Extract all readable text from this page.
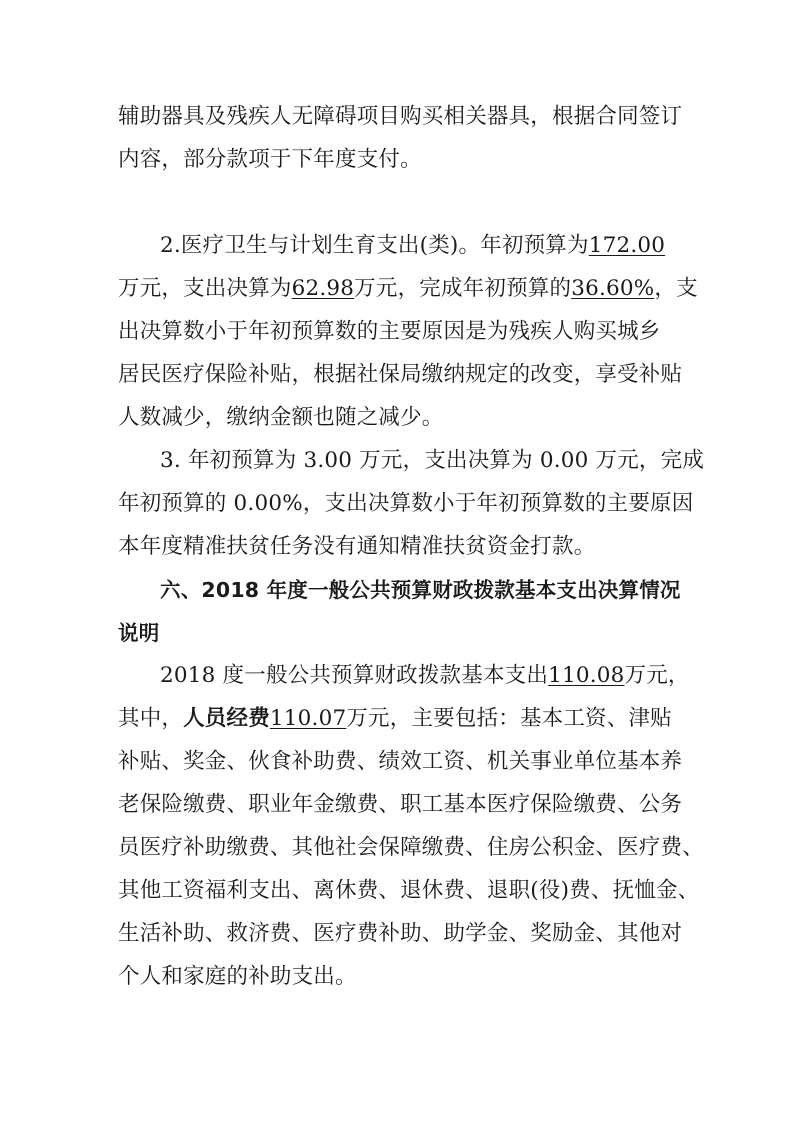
辅助器具及残疾人无障碍项目购买相关器具，根据合同签订
内容，部分款项于下年度支付。
2.医疗卫生与计划生育支出(类)。年初预算为172.00
万元，支出决算为62.98万元，完成年初预算的36.60%，支
出决算数小于年初预算数的主要原因是为残疾人购买城乡
居民医疗保险补贴，根据社保局缴纳规定的改变，享受补贴
人数减少，缴纳金额也随之减少。
3. 年初预算为 3.00 万元，支出决算为 0.00 万元，完成
年初预算的 0.00%，支出决算数小于年初预算数的主要原因
本年度精准扶贫任务没有通知精准扶贫资金打款。
六、2018 年度一般公共预算财政拨款基本支出决算情况
说明
2018 度一般公共预算财政拨款基本支出110.08万元，
其中，人员经费110.07万元，主要包括：基本工资、津贴
补贴、奖金、伙食补助费、绩效工资、机关事业单位基本养
老保险缴费、职业年金缴费、职工基本医疗保险缴费、公务
员医疗补助缴费、其他社会保障缴费、住房公积金、医疗费、
其他工资福利支出、离休费、退休费、退职(役)费、抚恤金、
生活补助、救济费、医疗费补助、助学金、奖励金、其他对
个人和家庭的补助支出。
